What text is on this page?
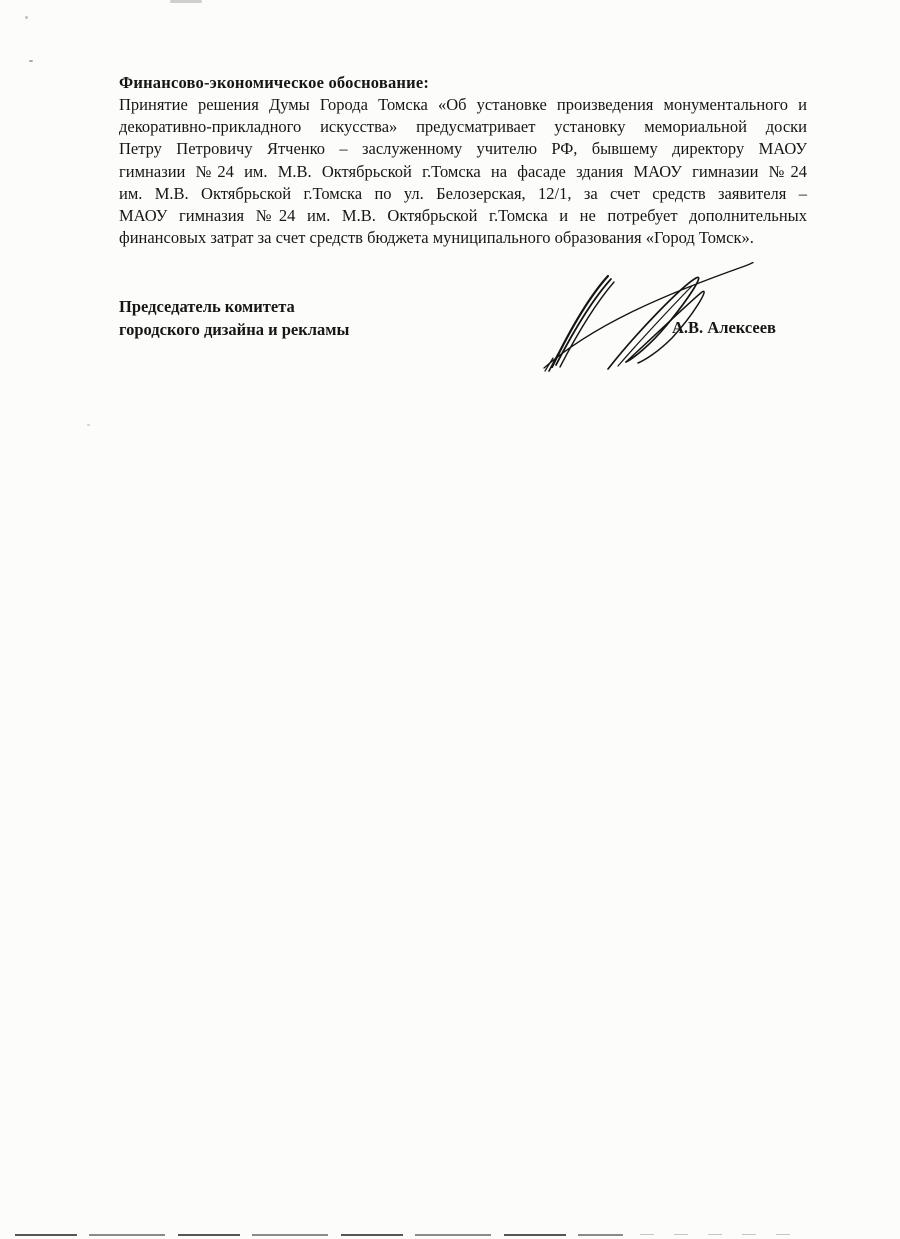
Финансово-экономическое обоснование:
Принятие решения Думы Города Томска «Об установке произведения монументального и
декоративно-прикладного искусства» предусматривает установку мемориальной доски
Петру Петровичу Ятченко – заслуженному учителю РФ, бывшему директору МАОУ
гимназии №24 им. М.В. Октябрьской г.Томска на фасаде здания МАОУ гимназии №24
им. М.В. Октябрьской г.Томска по ул. Белозерская, 12/1, за счет средств заявителя –
МАОУ гимназия №24 им. М.В. Октябрьской г.Томска и не потребует дополнительных
финансовых затрат за счет средств бюджета муниципального образования «Город Томск».
Председатель комитета
городского дизайна и рекламы	А.В. Алексеев
